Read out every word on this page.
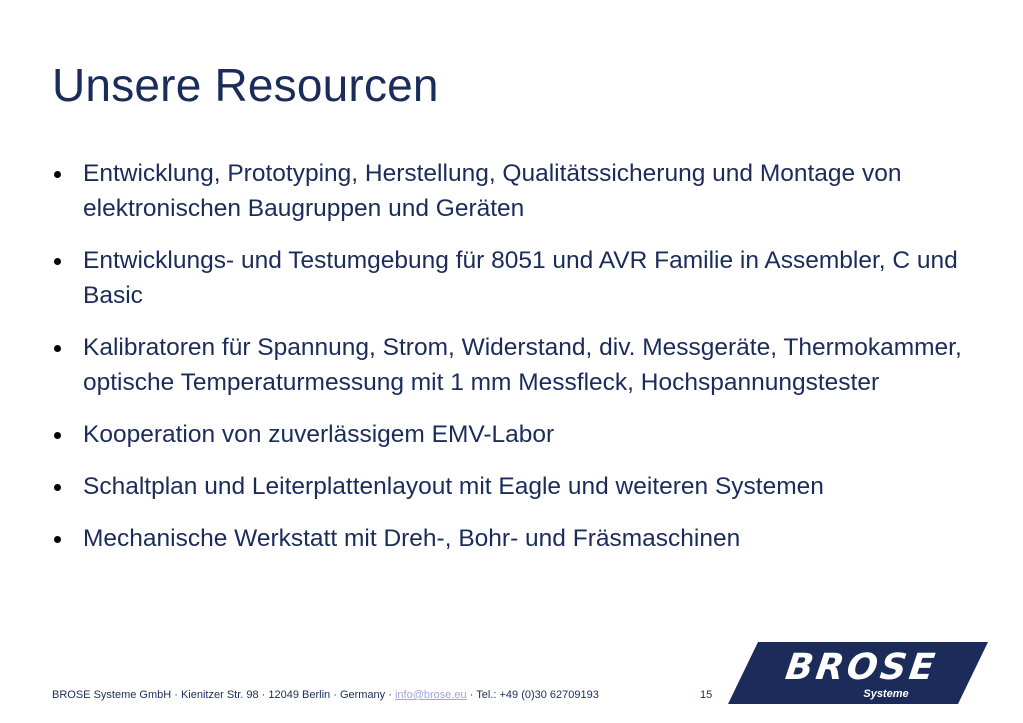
Unsere Resourcen
Entwicklung, Prototyping, Herstellung, Qualitätssicherung und Montage von elektronischen Baugruppen und Geräten
Entwicklungs- und Testumgebung für 8051 und AVR Familie in Assembler, C und Basic
Kalibratoren für Spannung, Strom, Widerstand, div. Messgeräte, Thermokammer, optische Temperaturmessung mit 1 mm Messfleck, Hochspannungstester
Kooperation von zuverlässigem EMV-Labor
Schaltplan und Leiterplattenlayout mit Eagle und weiteren Systemen
Mechanische Werkstatt mit Dreh-, Bohr- und Fräsmaschinen
BROSE Systeme GmbH · Kienitzer Str. 98 · 12049 Berlin · Germany · info@brose.eu · Tel.: +49 (0)30 62709193	15
BROSE
Systeme
